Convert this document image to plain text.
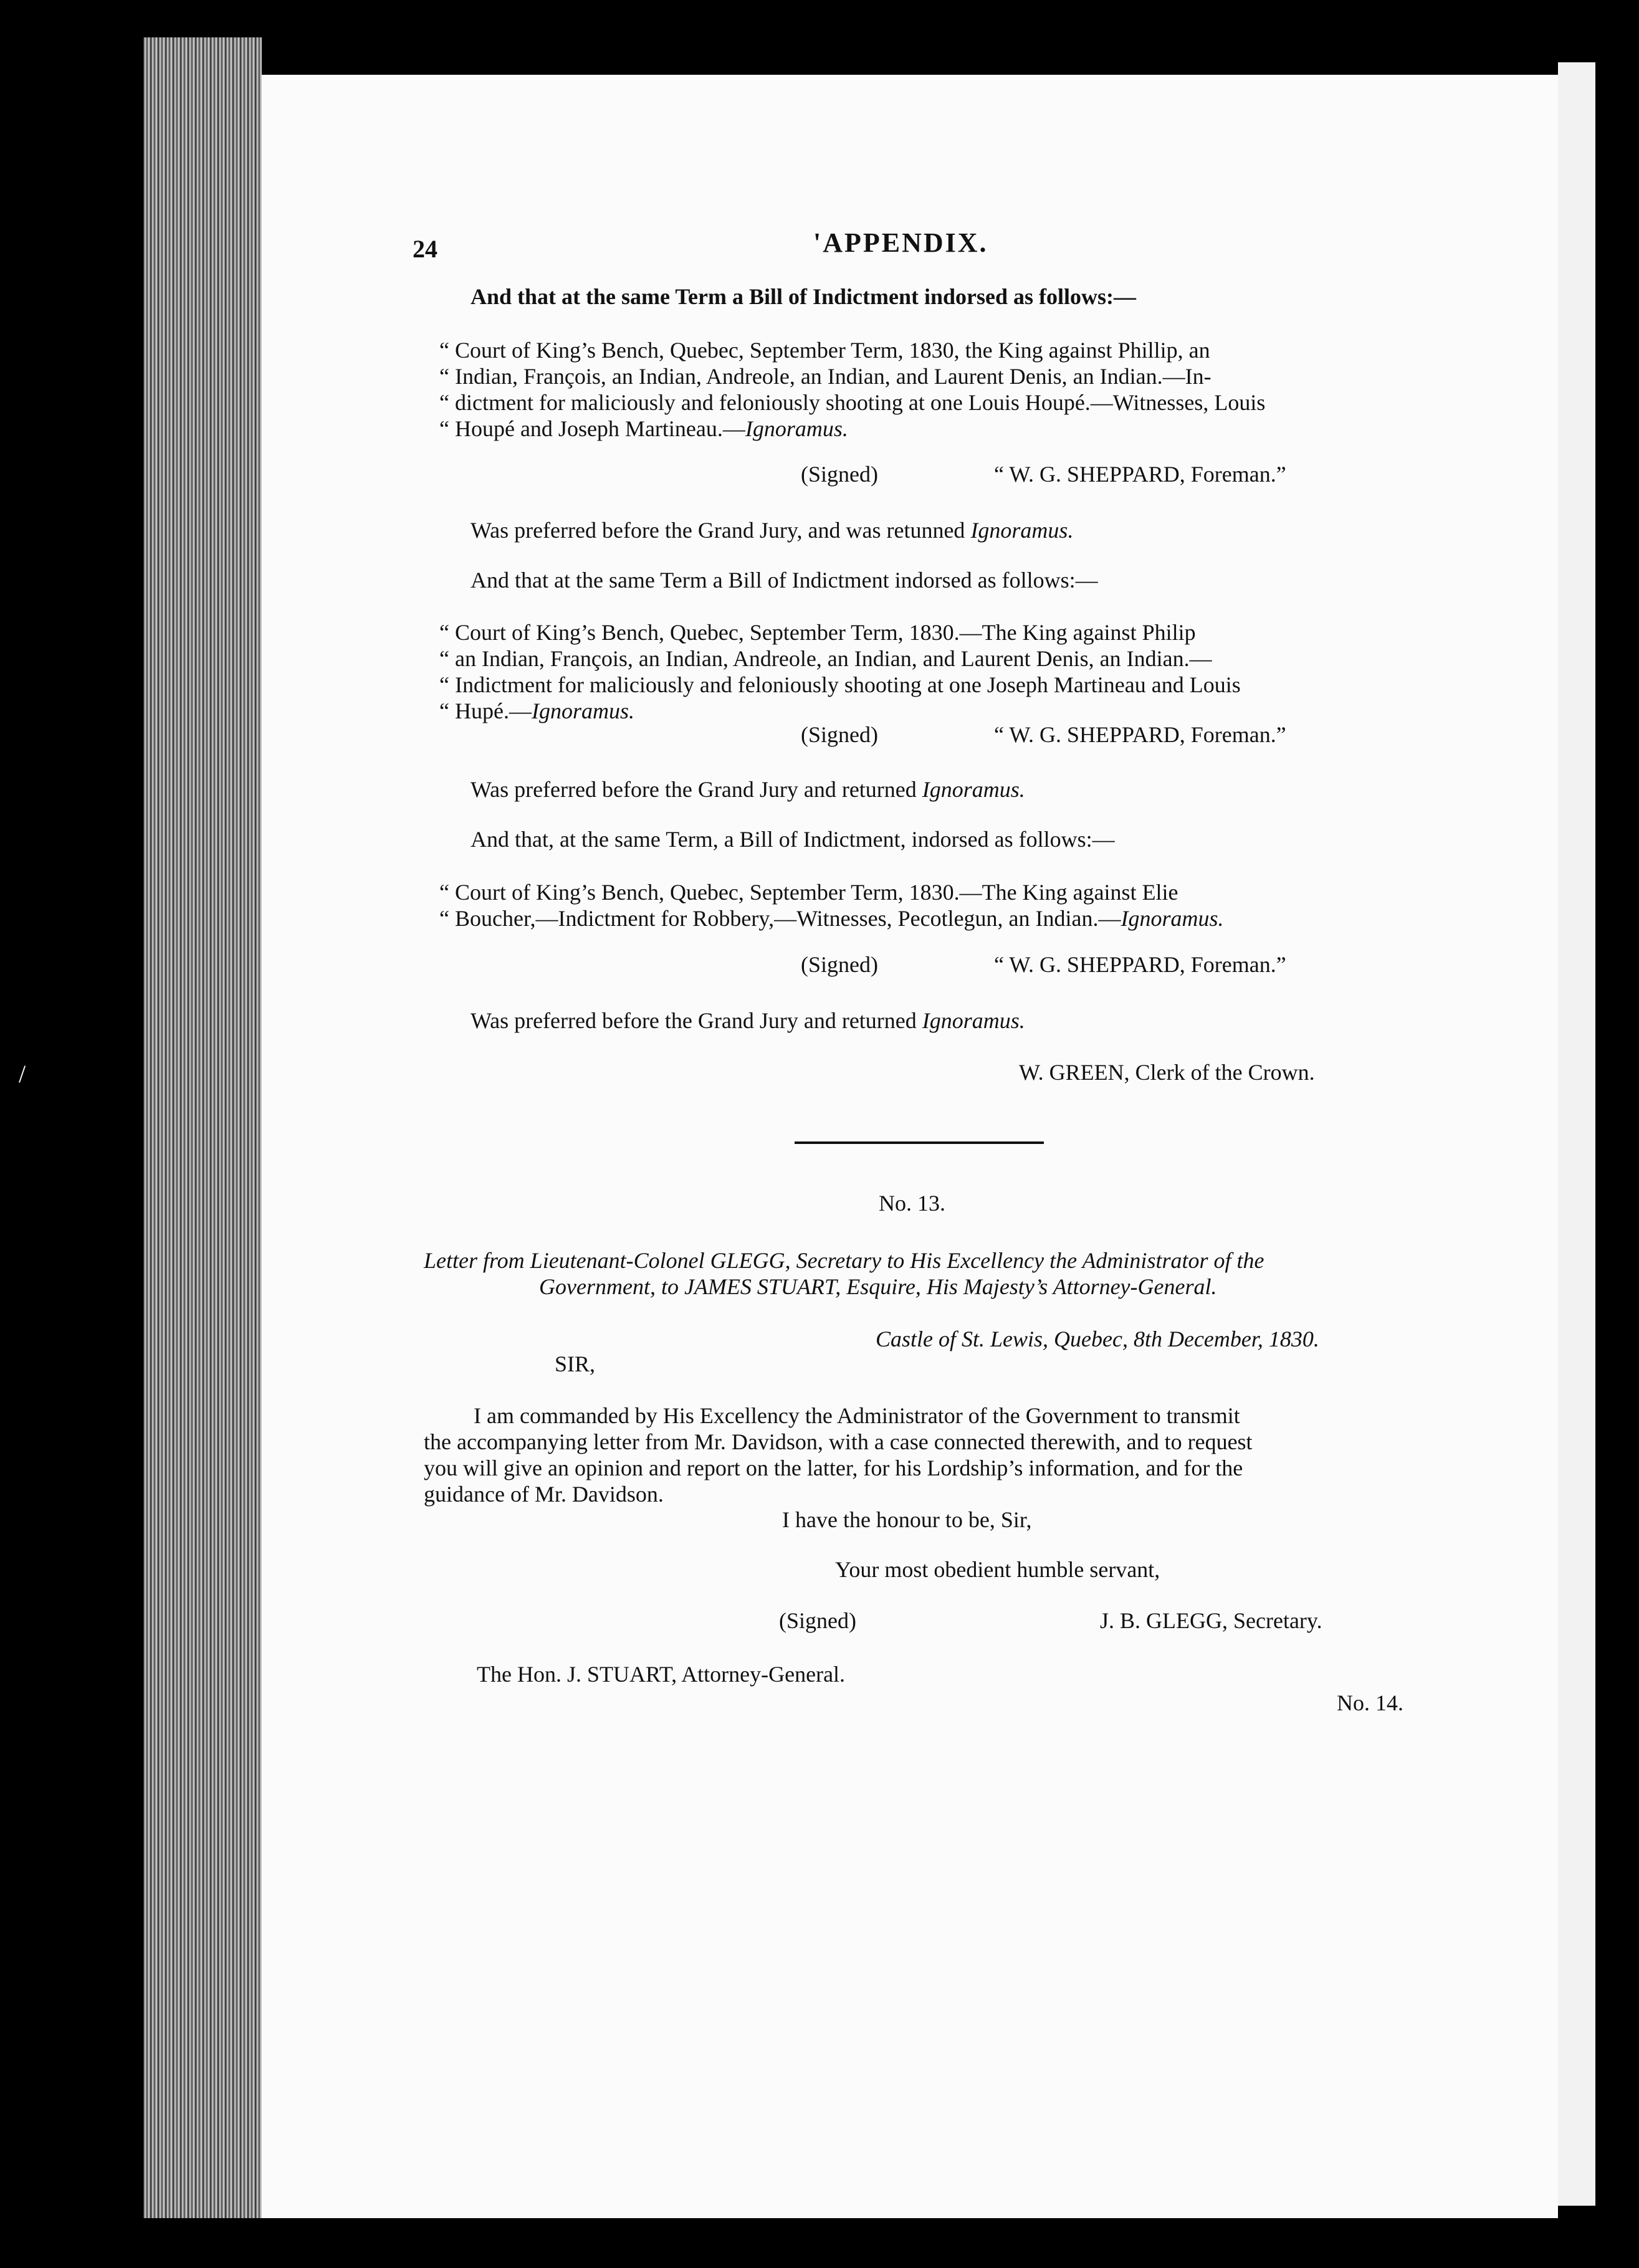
/
24	'APPENDIX.
And that at the same Term a Bill of Indictment indorsed as follows:—
“ Court of King’s Bench, Quebec, September Term, 1830, the King against Phillip, an
“ Indian, François, an Indian, Andreole, an Indian, and Laurent Denis, an Indian.—In-
“ dictment for maliciously and feloniously shooting at one Louis Houpé.—Witnesses, Louis
“ Houpé and Joseph Martineau.—Ignoramus.
(Signed)	“ W. G. SHEPPARD, Foreman.”
Was preferred before the Grand Jury, and was retunned Ignoramus.
And that at the same Term a Bill of Indictment indorsed as follows:—
“ Court of King’s Bench, Quebec, September Term, 1830.—The King against Philip
“ an Indian, François, an Indian, Andreole, an Indian, and Laurent Denis, an Indian.—
“ Indictment for maliciously and feloniously shooting at one Joseph Martineau and Louis
“ Hupé.—Ignoramus.
(Signed)	“ W. G. SHEPPARD, Foreman.”
Was preferred before the Grand Jury and returned Ignoramus.
And that, at the same Term, a Bill of Indictment, indorsed as follows:—
“ Court of King’s Bench, Quebec, September Term, 1830.—The King against Elie
“ Boucher,—Indictment for Robbery,—Witnesses, Pecotlegun, an Indian.—Ignoramus.
(Signed)	“ W. G. SHEPPARD, Foreman.”
Was preferred before the Grand Jury and returned Ignoramus.
W. GREEN, Clerk of the Crown.
No. 13.
Letter from Lieutenant-Colonel GLEGG, Secretary to His Excellency the Administrator of the
Government, to JAMES STUART, Esquire, His Majesty’s Attorney-General.
Castle of St. Lewis, Quebec, 8th December, 1830.
SIR,
I am commanded by His Excellency the Administrator of the Government to transmit
the accompanying letter from Mr. Davidson, with a case connected therewith, and to request
you will give an opinion and report on the latter, for his Lordship’s information, and for the
guidance of Mr. Davidson.
I have the honour to be, Sir,
Your most obedient humble servant,
(Signed)	J. B. GLEGG, Secretary.
The Hon. J. STUART, Attorney-General.
No. 14.
